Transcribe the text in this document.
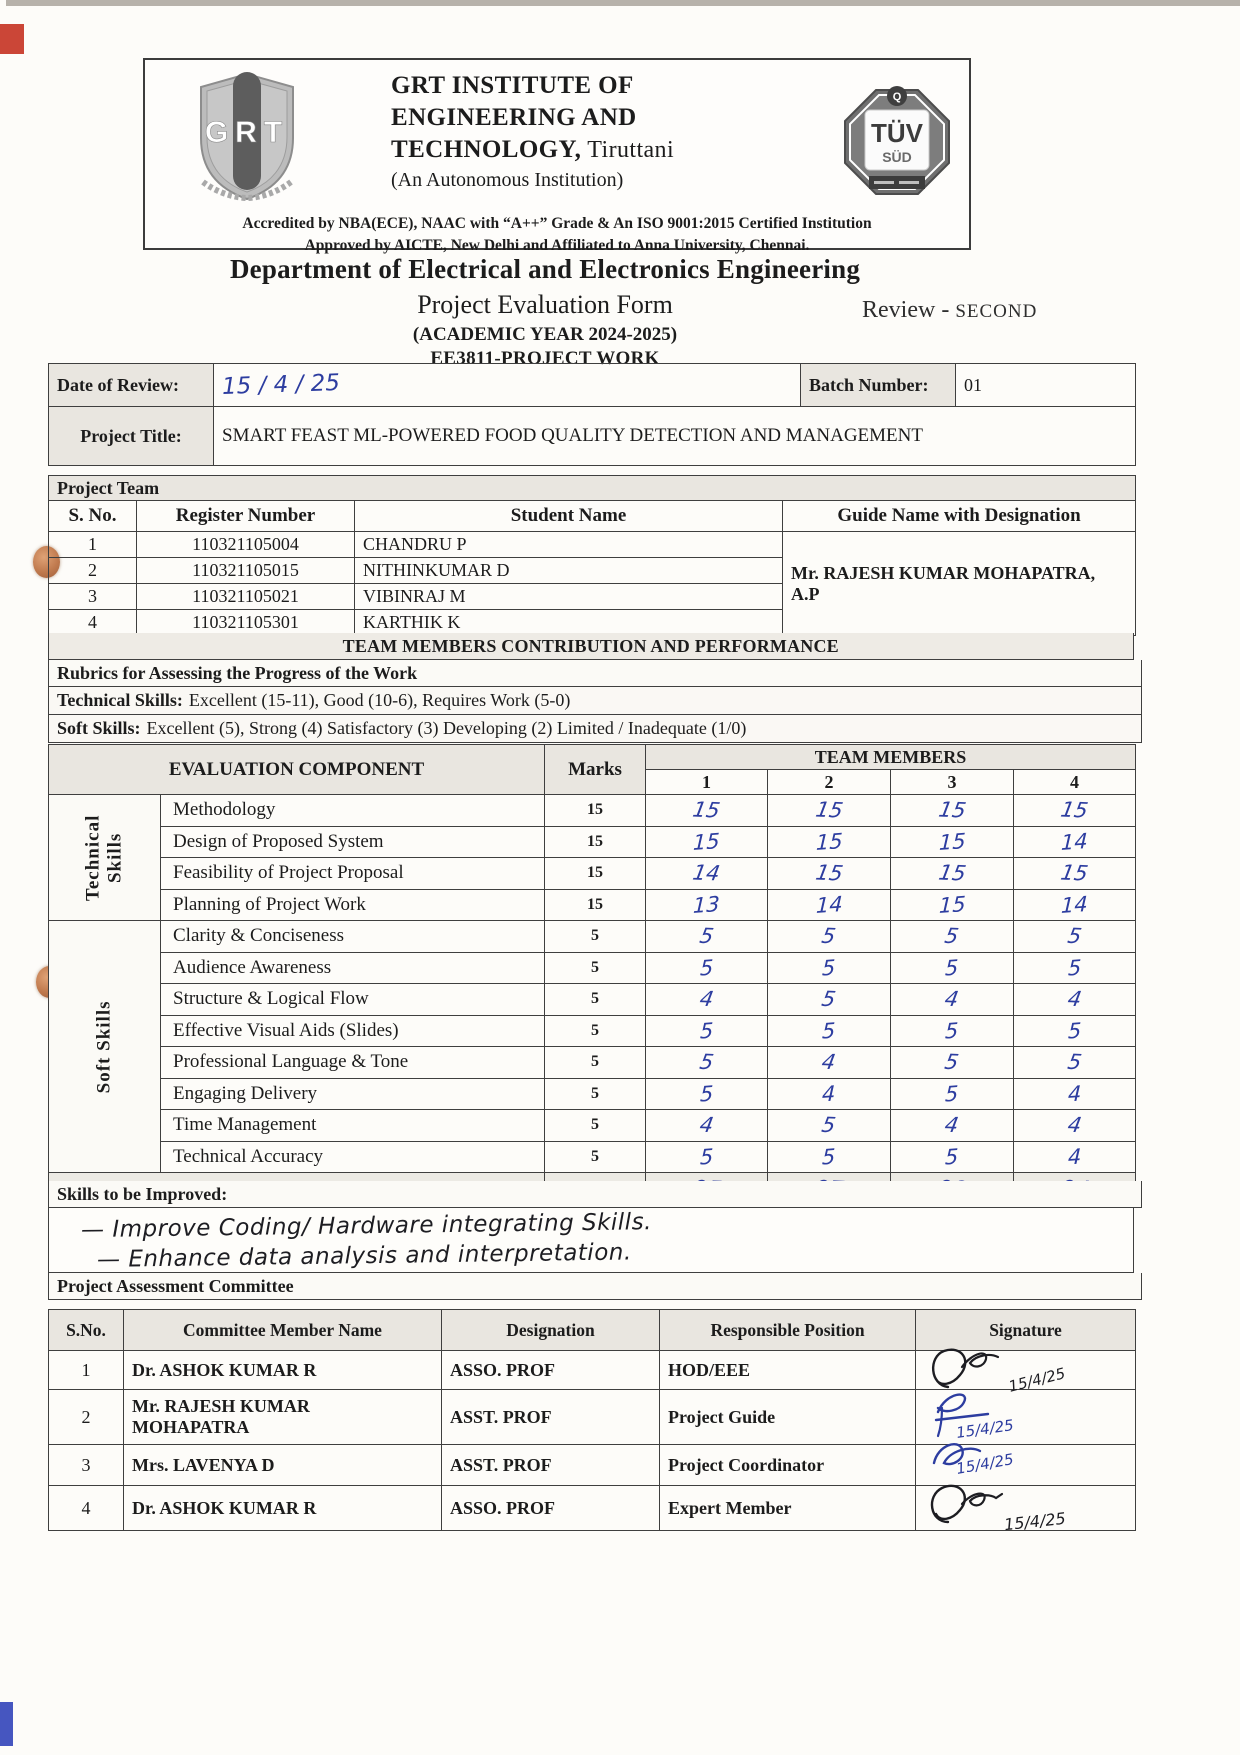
GRT
GRT INSTITUTE OF
ENGINEERING AND
TECHNOLOGY, Tiruttani
(An Autonomous Institution)
Q
TÜV
SÜD
Accredited by NBA(ECE), NAAC with “A++” Grade & An ISO 9001:2015 Certified Institution
Approved by AICTE, New Delhi and Affiliated to Anna University, Chennai.
Department of Electrical and Electronics Engineering
Project Evaluation Form	Review - SECOND
(ACADEMIC YEAR 2024-2025)
EE3811-PROJECT WORK
Date of Review:	15 / 4 / 25	Batch Number:	01
Project Title:	SMART FEAST ML-POWERED FOOD QUALITY DETECTION AND MANAGEMENT		
Project Team			
S. No.	Register Number	Student Name	Guide Name with Designation
1	110321105004	CHANDRU P	Mr. RAJESH KUMAR MOHAPATRA, A.P
2	110321105015	NITHINKUMAR D	
3	110321105021	VIBINRAJ M	
4	110321105301	KARTHIK K	
TEAM MEMBERS CONTRIBUTION AND PERFORMANCE
Rubrics for Assessing the Progress of the Work
Technical Skills: Excellent (15-11), Good (10-6), Requires Work (5-0)
Soft Skills: Excellent (5), Strong (4) Satisfactory (3) Developing (2) Limited / Inadequate (1/0)
EVALUATION COMPONENT		Marks	TEAM MEMBERS			
			1	2	3	4

Technical
Skills	Methodology	15	15	15	15	15
	Design of Proposed System	15	15	15	15	14
	Feasibility of Project Proposal	15	14	15	15	15
	Planning of Project Work	15	13	14	15	14

Soft Skills	Clarity & Conciseness	5	5	5	5	5
	Audience Awareness	5	5	5	5	5
	Structure & Logical Flow	5	4	5	4	4
	Effective Visual Aids (Slides)	5	5	5	5	5
	Professional Language & Tone	5	5	4	5	5
	Engaging Delivery	5	5	4	5	4
	Time Management	5	4	5	4	4
	Technical Accuracy	5	5	5	5	4

Skills to be Improved:
— Improve Coding/ Hardware integrating Skills.
— Enhance data analysis and interpretation.
Project Assessment Committee
S.No.	Committee Member Name	Designation	Responsible Position	Signature
1	Dr. ASHOK KUMAR R	ASSO. PROF	HOD/EEE	15/4/25

2	Mr. RAJESH KUMAR MOHAPATRA	ASST. PROF	Project Guide	15/4/25

3	Mrs. LAVENYA D	ASST. PROF	Project Coordinator	15/4/25

4	Dr. ASHOK KUMAR R	ASSO. PROF	Expert Member	15/4/25
